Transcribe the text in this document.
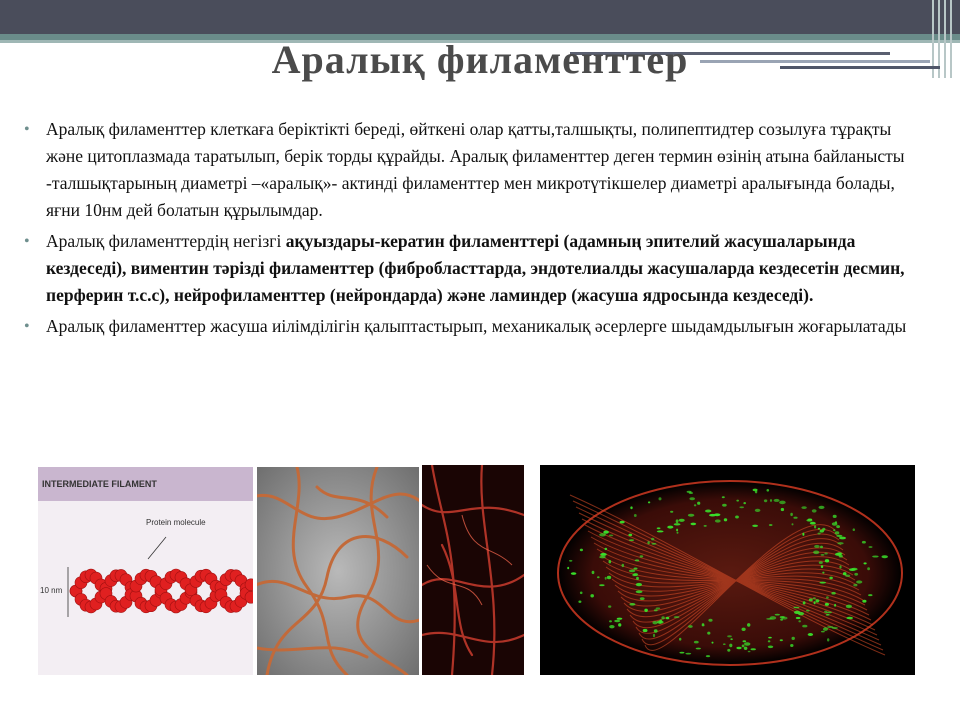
Аралық филаменттер
• Аралық филаменттер клеткаға беріктікті береді, өйткені олар қатты,талшықты, полипептидтер созылуға тұрақты және цитоплазмада таратылып, берік торды құрайды. Аралық филаменттер деген термин өзінің атына байланысты -талшықтарының диаметрі –«аралық»- актинді филаменттер мен микротүтікшелер диаметрі аралығында болады, яғни 10нм дей болатын құрылымдар.
• Аралық филаменттердің негізгі ақуыздары-кератин филаменттері (адамның эпителий жасушаларында кездеседі), виментин тәрізді филаменттер (фибробласттарда, эндотелиалды жасушаларда кездесетін десмин, перферин т.с.с), нейрофиламенттер (нейрондарда) және ламиндер (жасуша ядросында кездеседі).
• Аралық филаменттер жасуша иілімділігін қалыптастырып, механикалық әсерлерге шыдамдылығын жоғарылатады
INTERMEDIATE FILAMENT
Protein molecule
10 nm
